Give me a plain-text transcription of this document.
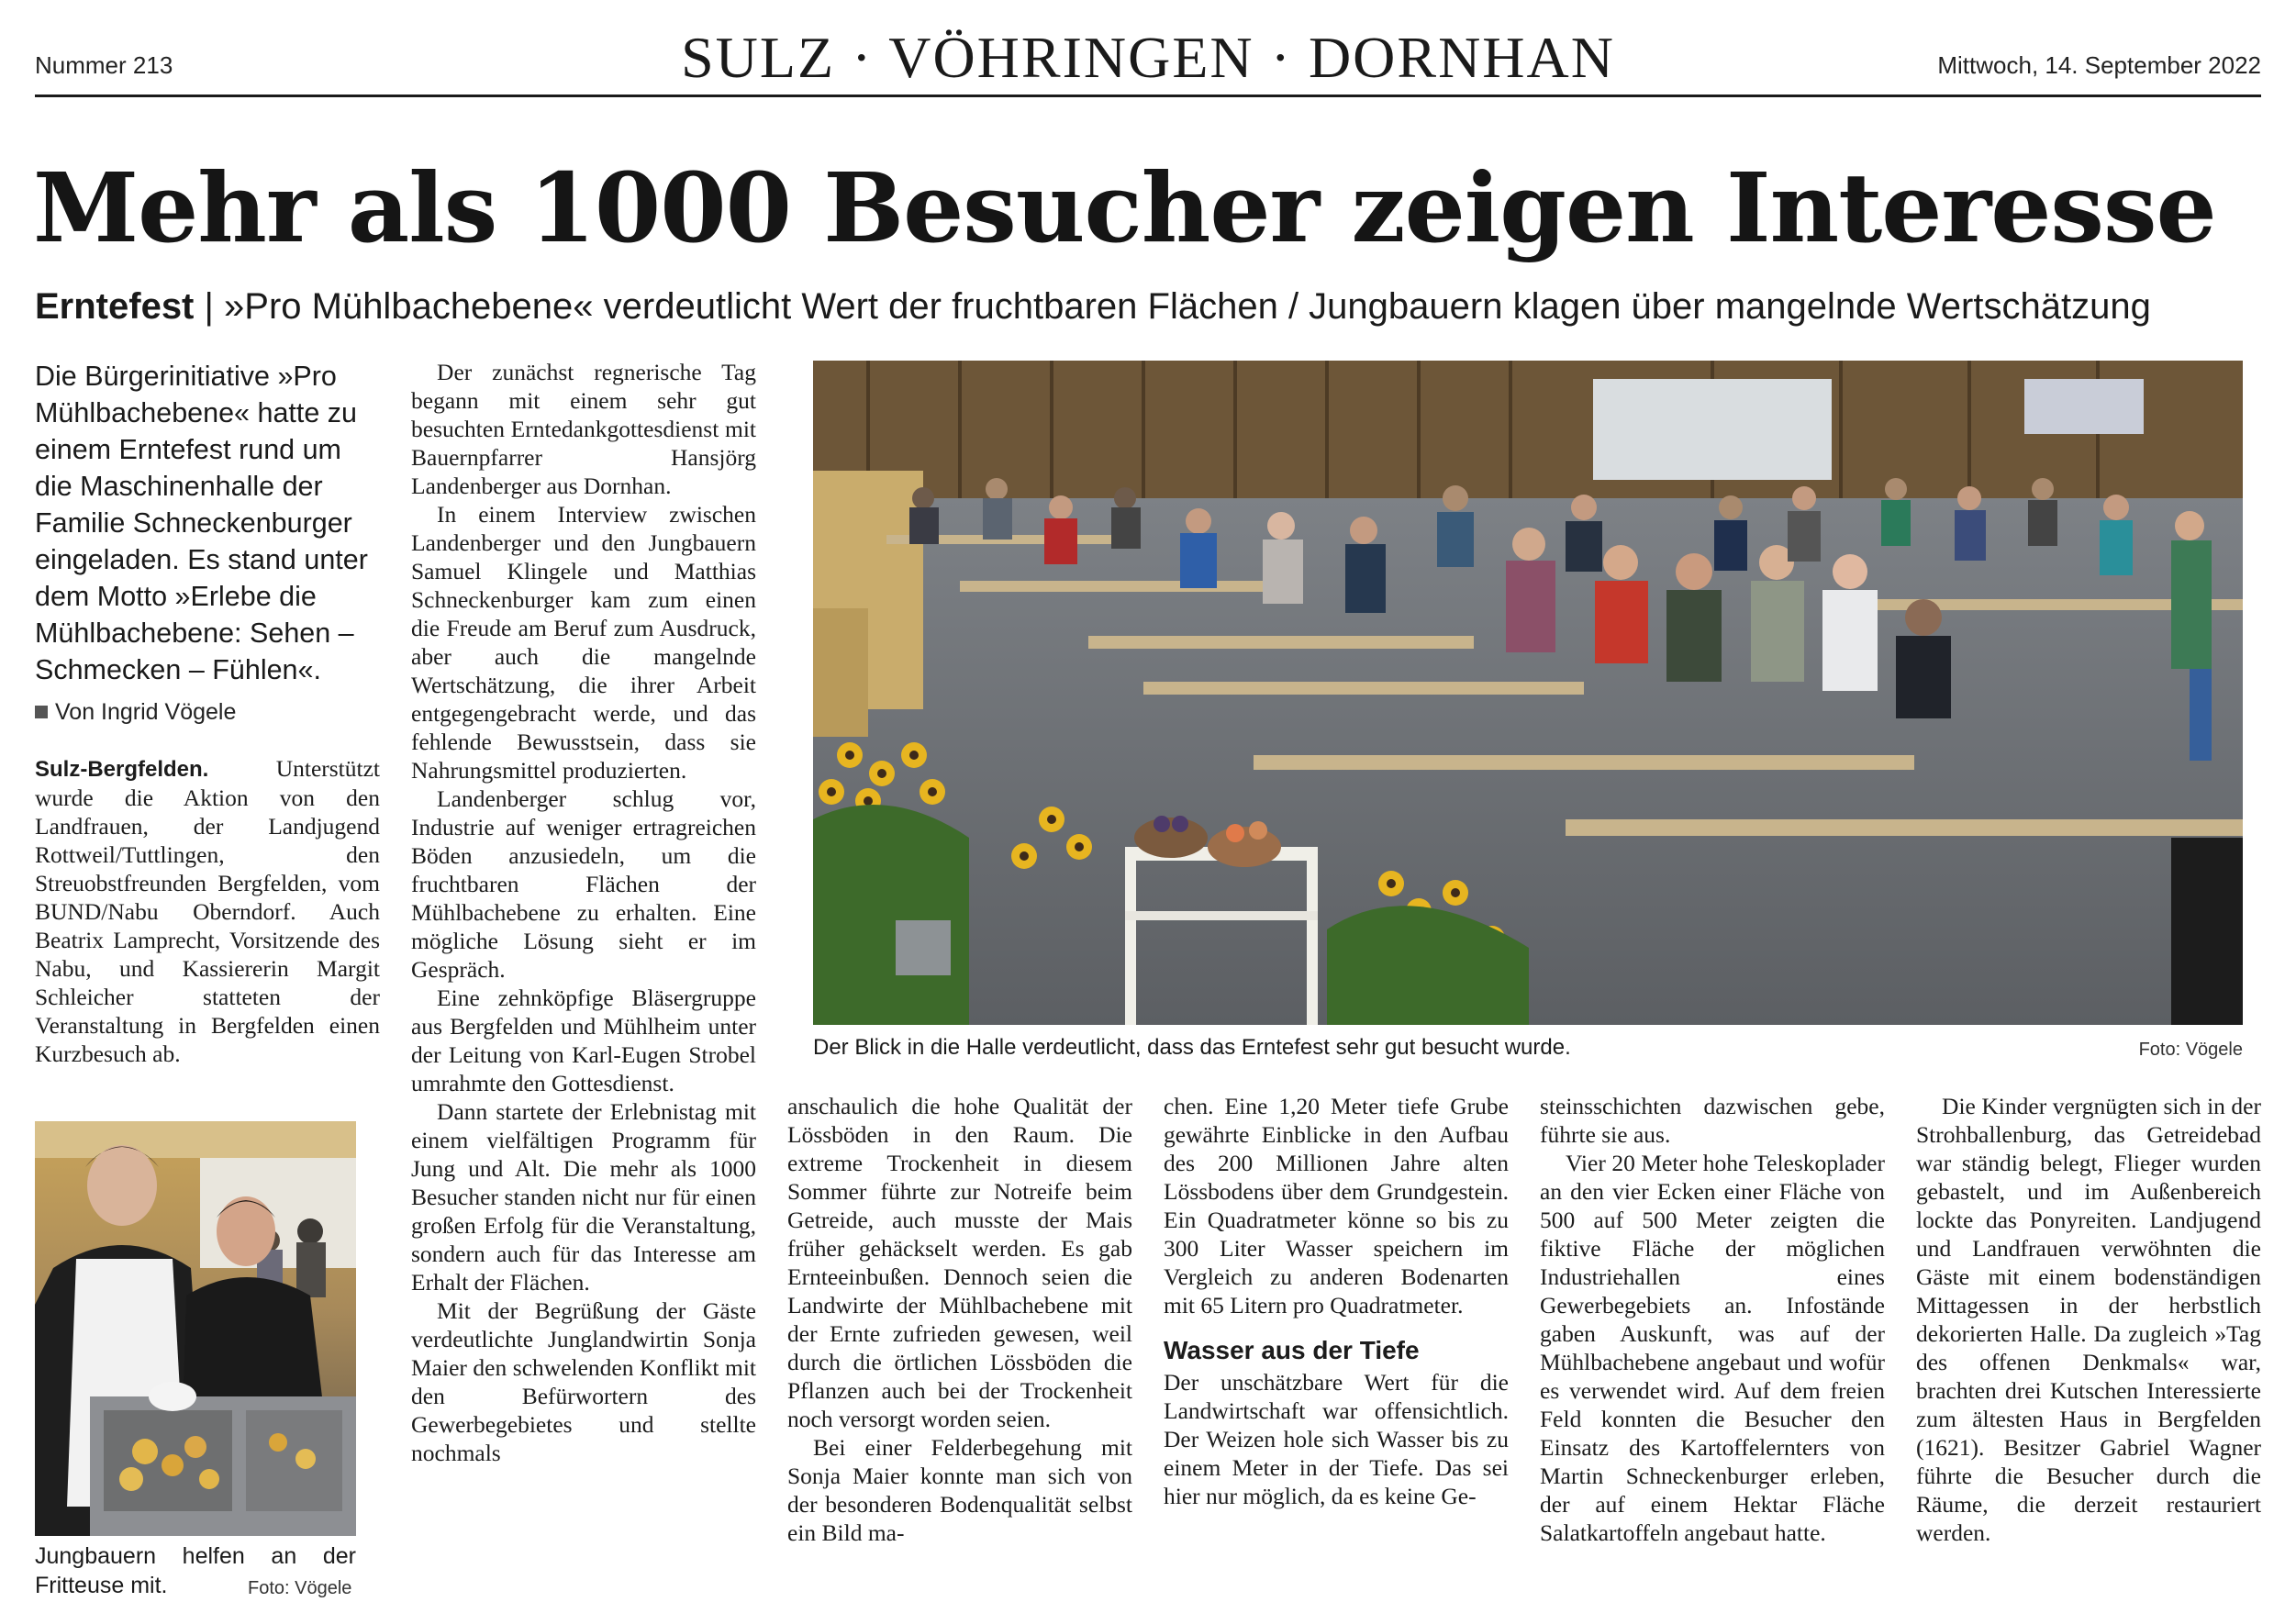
Nummer 213	SULZ · VÖHRINGEN · DORNHAN	Mittwoch, 14. September 2022
Mehr als 1000 Besucher zeigen Interesse
Erntefest | »Pro Mühlbachebene« verdeutlicht Wert der fruchtbaren Flächen / Jungbauern klagen über mangelnde Wertschätzung
Die Bürgerinitiative »Pro Mühlbachebene« hatte zu einem Erntefest rund um die Maschinenhalle der Familie Schneckenburger eingeladen. Es stand unter dem Motto »Erlebe die Mühlbachebene: Sehen – Schmecken – Fühlen«.
Von Ingrid Vögele

Sulz-Bergfelden.	Unterstützt wurde die Aktion von den Landfrauen, der Landjugend Rottweil/Tuttlingen, den Streuobstfreunden Bergfelden, vom BUND/Nabu Oberndorf. Auch Beatrix Lamprecht, Vorsitzende des Nabu, und Kassiererin Margit Schleicher statteten der Veranstaltung in Bergfelden einen Kurzbesuch ab.

Jungbauern helfen an der
Fritteuse mit.	Foto: Vögele

Der zunächst regnerische Tag begann mit einem sehr gut besuchten Erntedankgottesdienst mit Bauernpfarrer Hansjörg Landenberger aus Dornhan.

In einem Interview zwischen Landenberger und den Jungbauern Samuel Klingele und Matthias Schneckenburger kam zum einen die Freude am Beruf zum Ausdruck, aber auch die mangelnde Wertschätzung, die ihrer Arbeit entgegengebracht werde, und das fehlende Bewusstsein, dass sie Nahrungsmittel produzierten.

Landenberger schlug vor, Industrie auf weniger ertragreichen Böden anzusiedeln, um die fruchtbaren Flächen der Mühlbachebene zu erhalten. Eine mögliche Lösung sieht er im Gespräch.

Eine zehnköpfige Bläsergruppe aus Bergfelden und Mühlheim unter der Leitung von Karl-Eugen Strobel umrahmte den Gottesdienst.

Dann startete der Erlebnistag mit einem vielfältigen Programm für Jung und Alt. Die mehr als 1000 Besucher standen nicht nur für einen großen Erfolg für die Veranstaltung, sondern auch für das Interesse am Erhalt der Flächen.

Mit der Begrüßung der Gäste verdeutlichte Junglandwirtin Sonja Maier den schwelenden Konflikt mit den Befürwortern des Gewerbegebietes und stellte nochmals

Der Blick in die Halle verdeutlicht, dass das Erntefest sehr gut besucht wurde.	Foto: Vögele

anschaulich die hohe Qualität der Lössböden in den Raum. Die extreme Trockenheit in diesem Sommer führte zur Notreife beim Getreide, auch musste der Mais früher gehäckselt werden. Es gab Ernteeinbußen. Dennoch seien die Landwirte der Mühlbachebene mit der Ernte zufrieden gewesen, weil durch die örtlichen Lössböden die Pflanzen auch bei der Trockenheit noch versorgt worden seien.

Bei einer Felderbegehung mit Sonja Maier konnte man sich von der besonderen Bodenqualität selbst ein Bild ma-

chen. Eine 1,20 Meter tiefe Grube gewährte Einblicke in den Aufbau des 200 Millionen Jahre alten Lössbodens über dem Grundgestein. Ein Quadratmeter könne so bis zu 300 Liter Wasser speichern im Vergleich zu anderen Bodenarten mit 65 Litern pro Quadratmeter.

Wasser aus der Tiefe

Der unschätzbare Wert für die Landwirtschaft war offensichtlich. Der Weizen hole sich Wasser bis zu einem Meter in der Tiefe. Das sei hier nur möglich, da es keine Ge-

steinsschichten dazwischen gebe, führte sie aus.

Vier 20 Meter hohe Teleskoplader an den vier Ecken einer Fläche von 500 auf 500 Meter zeigten die fiktive Fläche der möglichen Industriehallen eines Gewerbegebiets an. Infostände gaben Auskunft, was auf der Mühlbachebene angebaut und wofür es verwendet wird. Auf dem freien Feld konnten die Besucher den Einsatz des Kartoffelernters von Martin Schneckenburger erleben, der auf einem Hektar Fläche Salatkartoffeln angebaut hatte.

Die Kinder vergnügten sich in der Strohballenburg, das Getreidebad war ständig belegt, Flieger wurden gebastelt, und im Außenbereich lockte das Ponyreiten. Landjugend und Landfrauen verwöhnten die Gäste mit einem bodenständigen Mittagessen in der herbstlich dekorierten Halle. Da zugleich »Tag des offenen Denkmals« war, brachten drei Kutschen Interessierte zum ältesten Haus in Bergfelden (1621). Besitzer Gabriel Wagner führte die Besucher durch die Räume, die derzeit restauriert werden.
